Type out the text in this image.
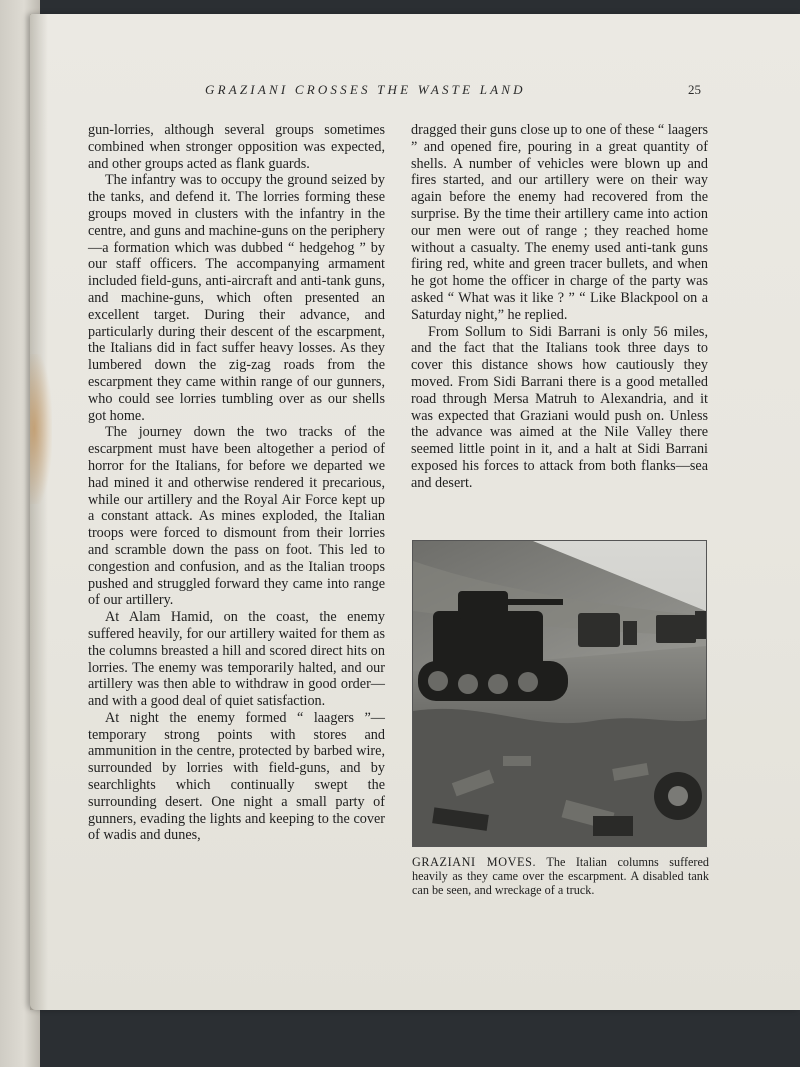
GRAZIANI CROSSES THE WASTE LAND	25

gun-lorries, although several groups sometimes combined when stronger opposition was expected, and other groups acted as flank guards.

The infantry was to occupy the ground seized by the tanks, and defend it. The lorries forming these groups moved in clusters with the infantry in the centre, and guns and machine-guns on the periphery—a formation which was dubbed “ hedgehog ” by our staff officers. The accompanying armament included field-guns, anti-aircraft and anti-tank guns, and machine-guns, which often presented an excellent target. During their advance, and particularly during their descent of the escarpment, the Italians did in fact suffer heavy losses. As they lumbered down the zig-zag roads from the escarpment they came within range of our gunners, who could see lorries tumbling over as our shells got home.

The journey down the two tracks of the escarpment must have been altogether a period of horror for the Italians, for before we departed we had mined it and otherwise rendered it precarious, while our artillery and the Royal Air Force kept up a constant attack. As mines exploded, the Italian troops were forced to dismount from their lorries and scramble down the pass on foot. This led to congestion and confusion, and as the Italian troops pushed and struggled forward they came into range of our artillery.

At Alam Hamid, on the coast, the enemy suffered heavily, for our artillery waited for them as the columns breasted a hill and scored direct hits on lorries. The enemy was temporarily halted, and our artillery was then able to withdraw in good order—and with a good deal of quiet satisfaction.

At night the enemy formed “ laagers ”—temporary strong points with stores and ammunition in the centre, protected by barbed wire, surrounded by lorries with field-guns, and by searchlights which continually swept the surrounding desert. One night a small party of gunners, evading the lights and keeping to the cover of wadis and dunes,

dragged their guns close up to one of these “ laagers ” and opened fire, pouring in a great quantity of shells. A number of vehicles were blown up and fires started, and our artillery were on their way again before the enemy had recovered from the surprise. By the time their artillery came into action our men were out of range ; they reached home without a casualty. The enemy used anti-tank guns firing red, white and green tracer bullets, and when he got home the officer in charge of the party was asked “ What was it like ? ” “ Like Blackpool on a Saturday night,” he replied.

From Sollum to Sidi Barrani is only 56 miles, and the fact that the Italians took three days to cover this distance shows how cautiously they moved. From Sidi Barrani there is a good metalled road through Mersa Matruh to Alexandria, and it was expected that Graziani would push on. Unless the advance was aimed at the Nile Valley there seemed little point in it, and a halt at Sidi Barrani exposed his forces to attack from both flanks—sea and desert.

GRAZIANI MOVES. The Italian columns suffered heavily as they came over the escarpment. A disabled tank can be seen, and wreckage of a truck.
